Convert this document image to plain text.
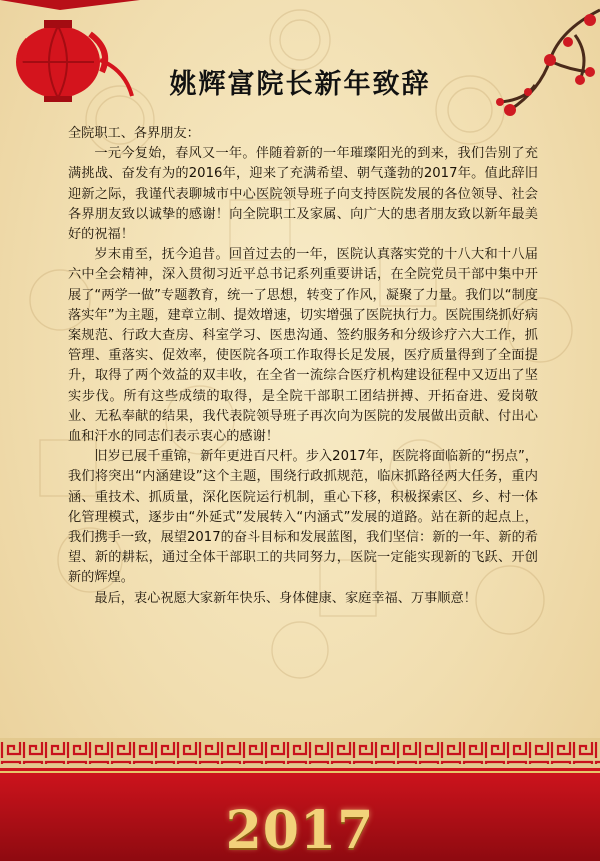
姚辉富院长新年致辞

全院职工、各界朋友：

一元今复始，春风又一年。伴随着新的一年璀璨阳光的到来，我们告别了充满挑战、奋发有为的2016年，迎来了充满希望、朝气蓬勃的2017年。值此辞旧迎新之际，我谨代表聊城市中心医院领导班子向支持医院发展的各位领导、社会各界朋友致以诚挚的感谢！向全院职工及家属、向广大的患者朋友致以新年最美好的祝福！

岁末甫至，抚今追昔。回首过去的一年，医院认真落实党的十八大和十八届六中全会精神，深入贯彻习近平总书记系列重要讲话，在全院党员干部中集中开展了“两学一做”专题教育，统一了思想，转变了作风，凝聚了力量。我们以“制度落实年”为主题，建章立制、提效增速，切实增强了医院执行力。医院围绕抓好病案规范、行政大查房、科室学习、医患沟通、签约服务和分级诊疗六大工作，抓管理、重落实、促效率，使医院各项工作取得长足发展，医疗质量得到了全面提升，取得了两个效益的双丰收，在全省一流综合医疗机构建设征程中又迈出了坚实步伐。所有这些成绩的取得，是全院干部职工团结拼搏、开拓奋进、爱岗敬业、无私奉献的结果，我代表院领导班子再次向为医院的发展做出贡献、付出心血和汗水的同志们表示衷心的感谢！

旧岁已展千重锦，新年更进百尺杆。步入2017年，医院将面临新的“拐点”，我们将突出“内涵建设”这个主题，围绕行政抓规范，临床抓路径两大任务，重内涵、重技术、抓质量，深化医院运行机制，重心下移，积极探索区、乡、村一体化管理模式，逐步由“外延式”发展转入“内涵式”发展的道路。站在新的起点上，我们携手一致，展望2017的奋斗目标和发展蓝图，我们坚信：新的一年、新的希望、新的耕耘，通过全体干部职工的共同努力，医院一定能实现新的飞跃、开创新的辉煌。

最后，衷心祝愿大家新年快乐、身体健康、家庭幸福、万事顺意！

2017
